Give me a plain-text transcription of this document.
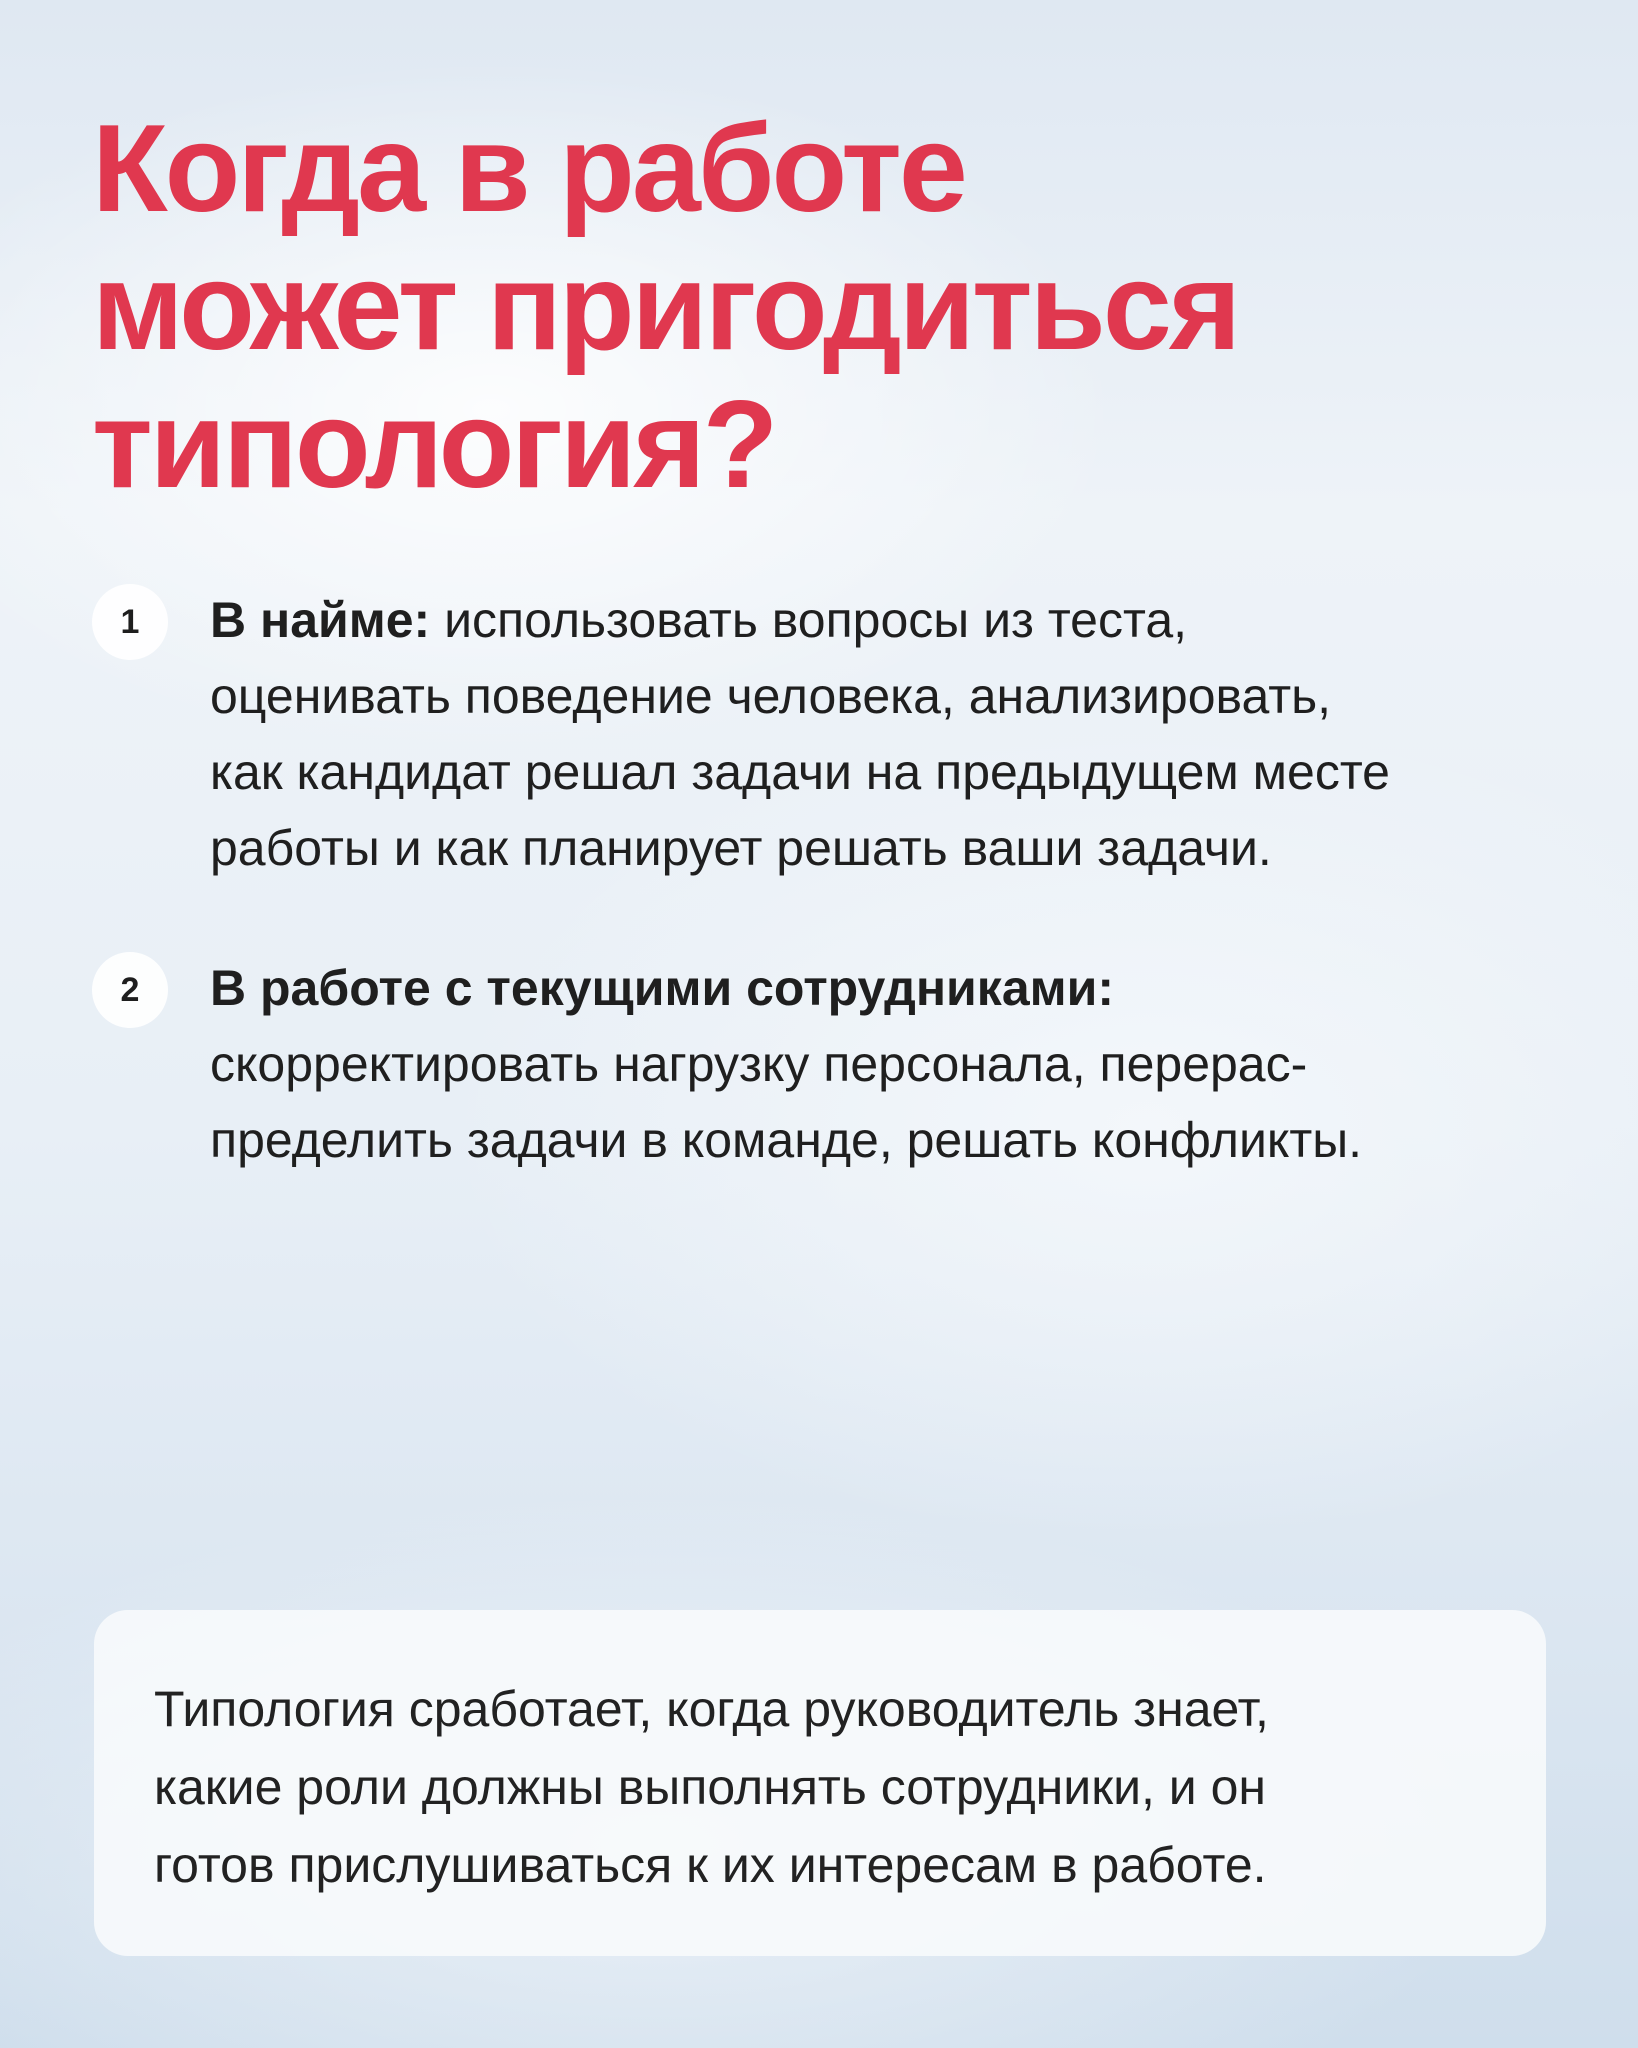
Когда в работе
может пригодиться
типология?
1	В найме: использовать вопросы из теста,
оценивать поведение человека, анализировать,
как кандидат решал задачи на предыдущем месте
работы и как планирует решать ваши задачи.

2	В работе с текущими сотрудниками:
скорректировать нагрузку персонала, перерас-
пределить задачи в команде, решать конфликты.

Типология сработает, когда руководитель знает,
какие роли должны выполнять сотрудники, и он
готов прислушиваться к их интересам в работе.
